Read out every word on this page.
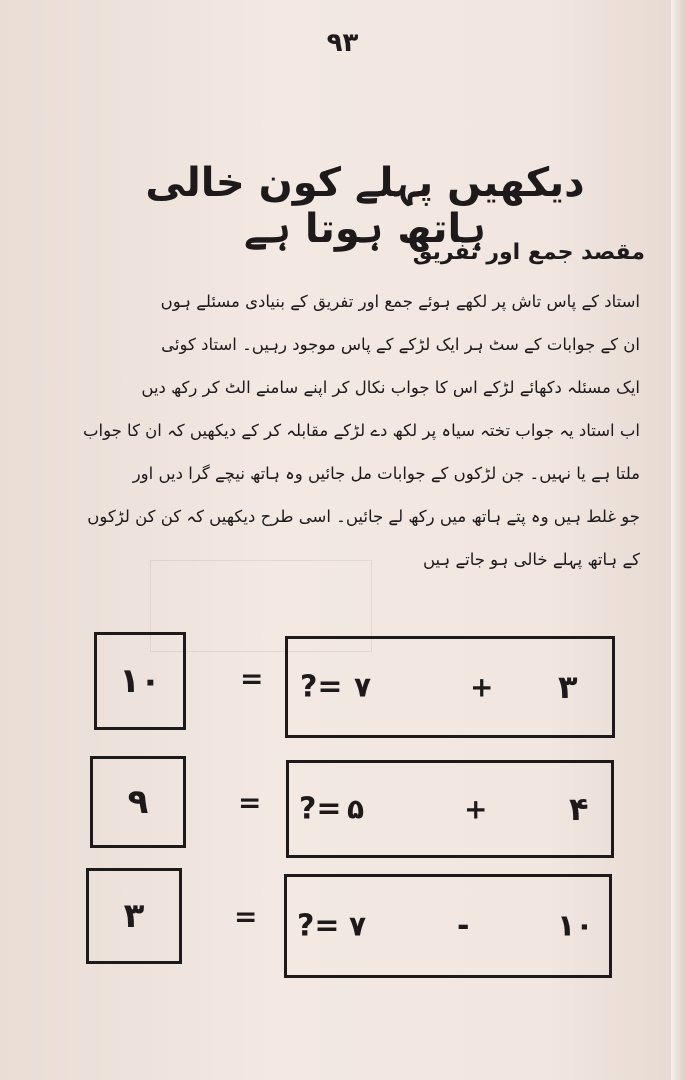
۹۳
دیکھیں پہلے کون خالی ہاتھ ہوتا ہے
مقصد جمع اور تفریق
استاد کے پاس تاش پر لکھے ہوئے جمع اور تفریق کے بنیادی مسئلے ہوں
ان کے جوابات کے سٹ ہر ایک لڑکے کے پاس موجود رہیں۔ استاد کوئی
ایک مسئلہ دکھائے لڑکے اس کا جواب نکال کر اپنے سامنے الٹ کر رکھ دیں
اب استاد یہ جواب تختہ سیاہ پر لکھ دے لڑکے مقابلہ کر کے دیکھیں کہ ان کا جواب
ملتا ہے یا نہیں۔ جن لڑکوں کے جوابات مل جائیں وہ ہاتھ نیچے گرا دیں اور
جو غلط ہیں وہ پتے ہاتھ میں رکھ لے جائیں۔ اسی طرح دیکھیں کہ کن کن لڑکوں
کے ہاتھ پہلے خالی ہو جاتے ہیں
۱۰	= ?= ۷	+ ۳
۹	= ?= ۵	+	۴
۳	= ?= ۷	-	۱۰
